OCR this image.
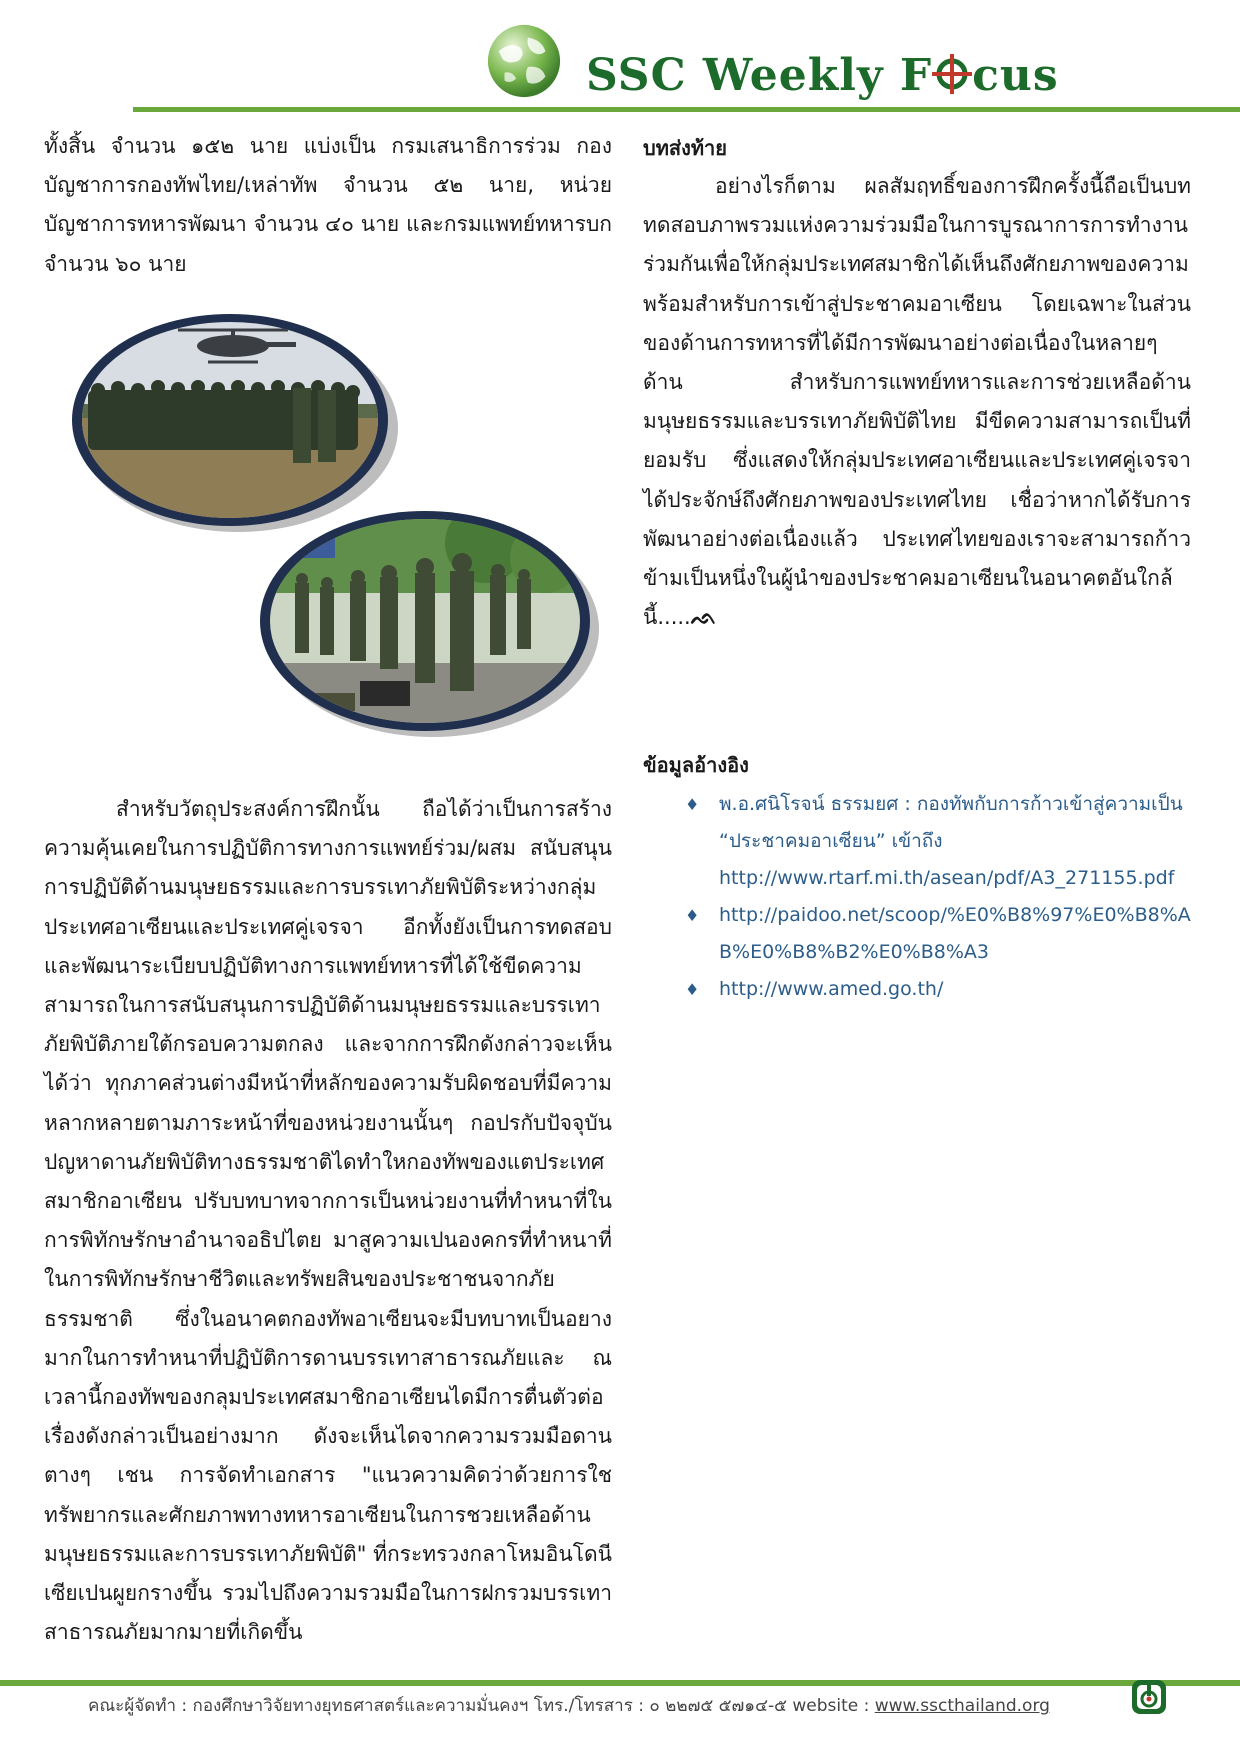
SSC Weekly F cus

ทั้งสิ้น จำนวน ๑๕๒ นาย แบ่งเป็น กรมเสนาธิการร่วม กองบัญชาการกองทัพไทย/เหล่าทัพ จำนวน ๕๒ นาย, หน่วยบัญชาการทหารพัฒนา จำนวน ๔๐ นาย และกรมแพทย์ทหารบก จำนวน ๖๐ นาย

สำหรับวัตถุประสงค์การฝึกนั้น ถือได้ว่าเป็นการสร้างความคุ้นเคยในการปฏิบัติการทางการแพทย์ร่วม/ผสม สนับสนุนการปฏิบัติด้านมนุษยธรรมและการบรรเทาภัยพิบัติระหว่างกลุ่มประเทศอาเซียนและประเทศคู่เจรจา อีกทั้งยังเป็นการทดสอบและพัฒนาระเบียบปฏิบัติทางการแพทย์ทหารที่ได้ใช้ขีดความสามารถในการสนับสนุนการปฏิบัติด้านมนุษยธรรมและบรรเทาภัยพิบัติภายใต้กรอบความตกลง และจากการฝึกดังกล่าวจะเห็นได้ว่า ทุกภาคส่วนต่างมีหน้าที่หลักของความรับผิดชอบที่มีความหลากหลายตามภาระหน้าที่ของหน่วยงานนั้นๆ กอปรกับปัจจุบัน ปญหาดานภัยพิบัติทางธรรมชาติไดทำใหกองทัพของแตประเทศสมาชิกอาเซียน ปรับบทบาทจากการเป็นหน่วยงานที่ทำหนาที่ในการพิทักษรักษาอำนาจอธิปไตย มาสูความเปนองคกรที่ทำหนาที่ในการพิทักษรักษาชีวิตและทรัพยสินของประชาชนจากภัยธรรมชาติ ซึ่งในอนาคตกองทัพอาเซียนจะมีบทบาทเป็นอยางมากในการทำหนาที่ปฏิบัติการดานบรรเทาสาธารณภัยและ ณ เวลานี้กองทัพของกลุมประเทศสมาชิกอาเซียนไดมีการตื่นตัวต่อเรื่องดังกล่าวเป็นอย่างมาก ดังจะเห็นไดจากความรวมมือดานตางๆ เชน การจัดทำเอกสาร "แนวความคิดว่าด้วยการใชทรัพยากรและศักยภาพทางทหารอาเซียนในการชวยเหลือด้านมนุษยธรรมและการบรรเทาภัยพิบัติ" ที่กระทรวงกลาโหมอินโดนีเซียเปนผูยกรางขึ้น รวมไปถึงความรวมมือในการฝกรวมบรรเทาสาธารณภัยมากมายที่เกิดขึ้น

บทส่งท้าย

อย่างไรก็ตาม ผลสัมฤทธิ์ของการฝึกครั้งนี้ถือเป็นบททดสอบภาพรวมแห่งความร่วมมือในการบูรณาการการทำงานร่วมกันเพื่อให้กลุ่มประเทศสมาชิกได้เห็นถึงศักยภาพของความพร้อมสำหรับการเข้าสู่ประชาคมอาเซียน โดยเฉพาะในส่วนของด้านการทหารที่ได้มีการพัฒนาอย่างต่อเนื่องในหลายๆ ด้าน สำหรับการแพทย์ทหารและการช่วยเหลือด้านมนุษยธรรมและบรรเทาภัยพิบัติไทย มีขีดความสามารถเป็นที่ยอมรับ ซึ่งแสดงให้กลุ่มประเทศอาเซียนและประเทศคู่เจรจา ได้ประจักษ์ถึงศักยภาพของประเทศไทย เชื่อว่าหากได้รับการพัฒนาอย่างต่อเนื่องแล้ว ประเทศไทยของเราจะสามารถก้าวข้ามเป็นหนึ่งในผู้นำของประชาคมอาเซียนในอนาคตอันใกล้นี้.....ᨒ

ข้อมูลอ้างอิง
♦ พ.อ.ศนิโรจน์ ธรรมยศ : กองทัพกับการก้าวเข้าสู่ความเป็น “ประชาคมอาเซียน” เข้าถึง http://www.rtarf.mi.th/asean/pdf/A3_271155.pdf
♦ http://paidoo.net/scoop/%E0%B8%97%E0%B8%AB%E0%B8%B2%E0%B8%A3
♦ http://www.amed.go.th/
คณะผู้จัดทำ : กองศึกษาวิจัยทางยุทธศาสตร์และความมั่นคงฯ โทร./โทรสาร : ๐ ๒๒๗๕ ๕๗๑๔-๕ website : www.sscthailand.org
